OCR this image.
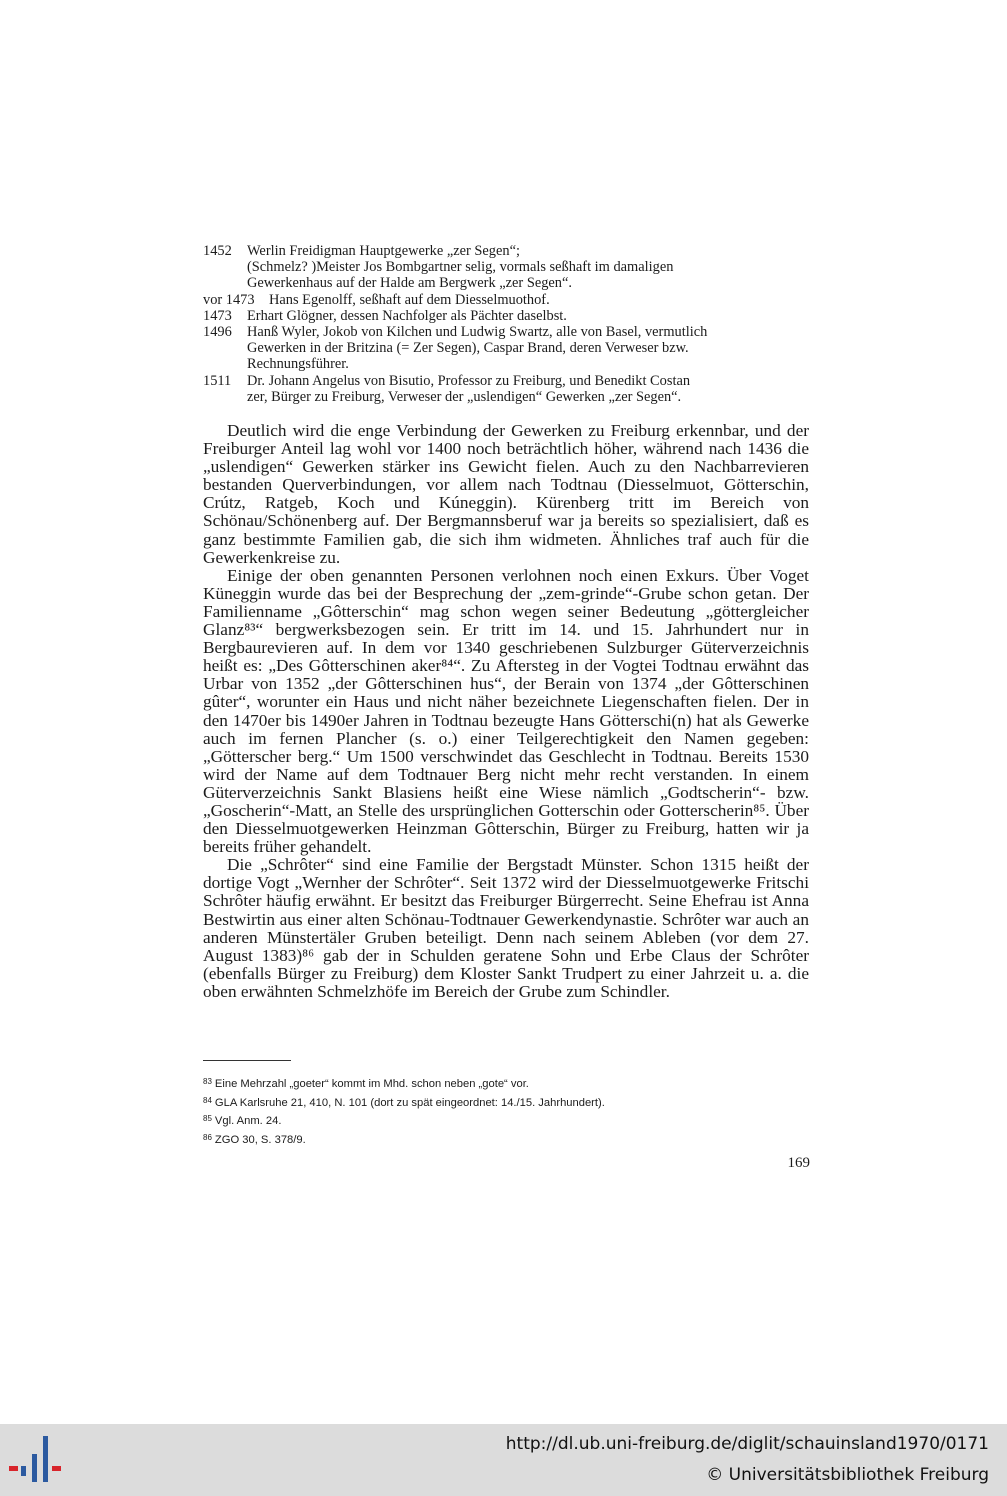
1452	Werlin Freidigman Hauptgewerke „zer Segen“;
(Schmelz? )Meister Jos Bombgartner selig, vormals seßhaft im damaligen
Gewerkenhaus auf der Halde am Bergwerk „zer Segen“.
vor 1473	Hans Egenolff, seßhaft auf dem Diesselmuothof.
1473	Erhart Glögner, dessen Nachfolger als Pächter daselbst.
1496	Hanß Wyler, Jokob von Kilchen und Ludwig Swartz, alle von Basel, vermutlich
Gewerken in der Britzina (= Zer Segen), Caspar Brand, deren Verweser bzw.
Rechnungsführer.
1511	Dr. Johann Angelus von Bisutio, Professor zu Freiburg, und Benedikt Costan
zer, Bürger zu Freiburg, Verweser der „uslendigen“ Gewerken „zer Segen“.

Deutlich wird die enge Verbindung der Gewerken zu Freiburg erkennbar, und der Freiburger Anteil lag wohl vor 1400 noch beträchtlich höher, während nach 1436 die „uslendigen“ Gewerken stärker ins Gewicht fielen. Auch zu den Nachbarrevieren bestanden Querverbindungen, vor allem nach Todtnau (Diesselmuot, Götterschin, Crútz, Ratgeb, Koch und Kúneggin). Kürenberg tritt im Bereich von Schönau/Schönenberg auf. Der Bergmannsberuf war ja bereits so spezialisiert, daß es ganz bestimmte Familien gab, die sich ihm widmeten. Ähnliches traf auch für die Gewerkenkreise zu.

Einige der oben genannten Personen verlohnen noch einen Exkurs. Über Voget Küneggin wurde das bei der Besprechung der „zem-grinde“-Grube schon getan. Der Familienname „Gôtterschin“ mag schon wegen seiner Bedeutung „göttergleicher Glanz⁸³“ bergwerksbezogen sein. Er tritt im 14. und 15. Jahrhundert nur in Bergbaurevieren auf. In dem vor 1340 geschriebenen Sulzburger Güterverzeichnis heißt es: „Des Gôtterschinen aker⁸⁴“. Zu Aftersteg in der Vogtei Todtnau erwähnt das Urbar von 1352 „der Gôtterschinen hus“, der Berain von 1374 „der Gôtterschinen gûter“, worunter ein Haus und nicht näher bezeichnete Liegenschaften fielen. Der in den 1470er bis 1490er Jahren in Todtnau bezeugte Hans Götterschi(n) hat als Gewerke auch im fernen Plancher (s. o.) einer Teilgerechtigkeit den Namen gegeben: „Götterscher berg.“ Um 1500 verschwindet das Geschlecht in Todtnau. Bereits 1530 wird der Name auf dem Todtnauer Berg nicht mehr recht verstanden. In einem Güterverzeichnis Sankt Blasiens heißt eine Wiese nämlich „Godtscherin“- bzw. „Goscherin“-Matt, an Stelle des ursprünglichen Gotterschin oder Gotterscherin⁸⁵. Über den Diesselmuotgewerken Heinzman Gôtterschin, Bürger zu Freiburg, hatten wir ja bereits früher gehandelt.

Die „Schrôter“ sind eine Familie der Bergstadt Münster. Schon 1315 heißt der dortige Vogt „Wernher der Schrôter“. Seit 1372 wird der Diesselmuotgewerke Fritschi Schrôter häufig erwähnt. Er besitzt das Freiburger Bürgerrecht. Seine Ehefrau ist Anna Bestwirtin aus einer alten Schönau-Todtnauer Gewerkendynastie. Schrôter war auch an anderen Münstertäler Gruben beteiligt. Denn nach seinem Ableben (vor dem 27. August 1383)⁸⁶ gab der in Schulden geratene Sohn und Erbe Claus der Schrôter (ebenfalls Bürger zu Freiburg) dem Kloster Sankt Trudpert zu einer Jahrzeit u. a. die oben erwähnten Schmelzhöfe im Bereich der Grube zum Schindler.

$^{83}$ Eine Mehrzahl „goeter“ kommt im Mhd. schon neben „gote“ vor.
$^{84}$ GLA Karlsruhe 21, 410, N. 101 (dort zu spät eingeordnet: 14./15. Jahrhundert).
$^{85}$ Vgl. Anm. 24.
$^{86}$ ZGO 30, S. 378/9.
169
http://dl.ub.uni-freiburg.de/diglit/schauinsland1970/0171
© Universitätsbibliothek Freiburg
